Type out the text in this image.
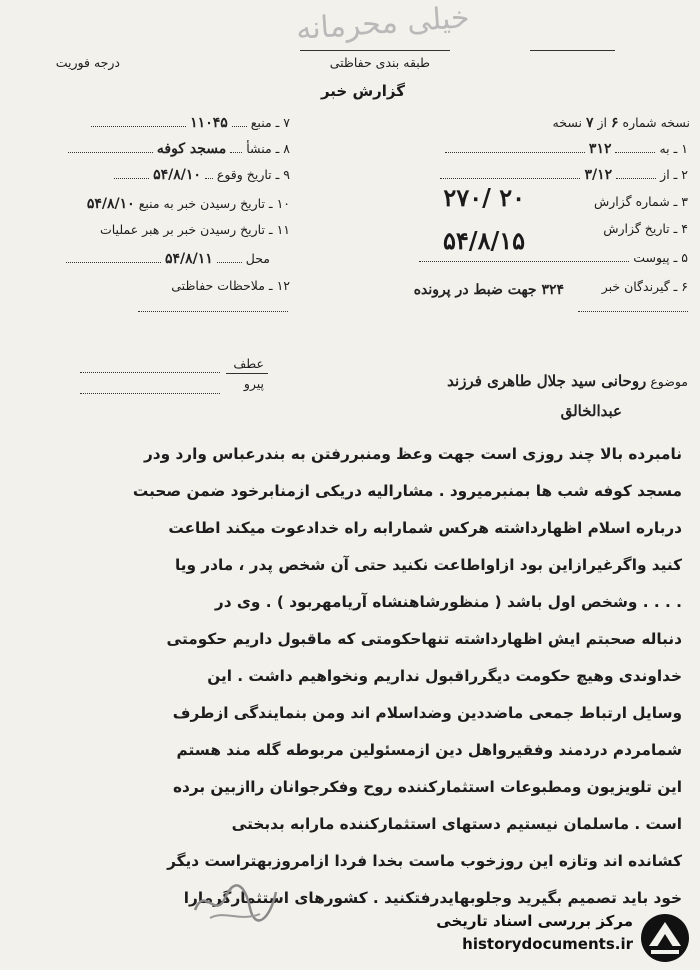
خیلی محرمانه
طبقه بندی حفاظتی
درجه فوریت
گزارش خبر
نسخه شماره
۶
از
۷
نسخه
۱ ـ به
۳۱۲
۲ ـ از
۳/۱۲
۳ ـ شماره گزارش
۲۷۰/ ۲۰
۴ ـ تاریخ گزارش
۵۴/۸/۱۵
۵ ـ پیوست
۶ ـ گیرندگان خبر
۳۲۴ جهت ضبط در پرونده
۷ ـ منبع
۱۱۰۴۵
۸ ـ منشأ
مسجد کوفه
۹ ـ تاریخ وقوع
۵۴/۸/۱۰
۱۰ ـ تاریخ رسیدن خبر به منبع
۵۴/۸/۱۰
۱۱ ـ تاریخ رسیدن خبر بر هبر عملیات
محل
۵۴/۸/۱۱
۱۲ ـ ملاحظات حفاظتی
موضوع
روحانی سید جلال طاهری فرزند
عبدالخالق
عطف
پیرو
نامبرده بالا چند روزی است جهت وعظ ومنبررفتن به بندرعباس وارد ودر
مسجد کوفه شب ها بمنبرمیرود . مشارالیه دریکی ازمنابرخود ضمن صحبت
درباره اسلام اظهارداشته هرکس شمارابه راه خدادعوت میکند اطاعت
کنید واگرغیرازاین بود ازاواطاعت نکنید حتی آن شخص پدر ، مادر ویا
. . . . وشخص اول باشد ( منظورشاهنشاه آریامهربود ) . وی در
دنباله صحبتم ایش اظهارداشته تنهاحکومتی که ماقبول داریم حکومتی
خداوندی وهیچ حکومت دیگرراقبول نداریم ونخواهیم داشت . این
وسایل ارتباط جمعی ماضددین وضداسلام اند ومن بنمایندگی ازطرف
شمامردم دردمند وفقیرواهل دین ازمسئولین مربوطه گله مند هستم
این تلویزیون ومطبوعات استثمارکننده روح وفکرجوانان راازبین برده
است . ماسلمان نیستیم دستهای استثمارکننده مارابه بدبختی
کشانده اند وتازه این روزخوب ماست بخدا فردا ازامروزبهتراست دیگر
خود باید تصمیم بگیرید وجلوبهایدرفتکنید . کشورهای استثمارگرمارا
مرکز بررسی اسناد تاریخی
historydocuments.ir
